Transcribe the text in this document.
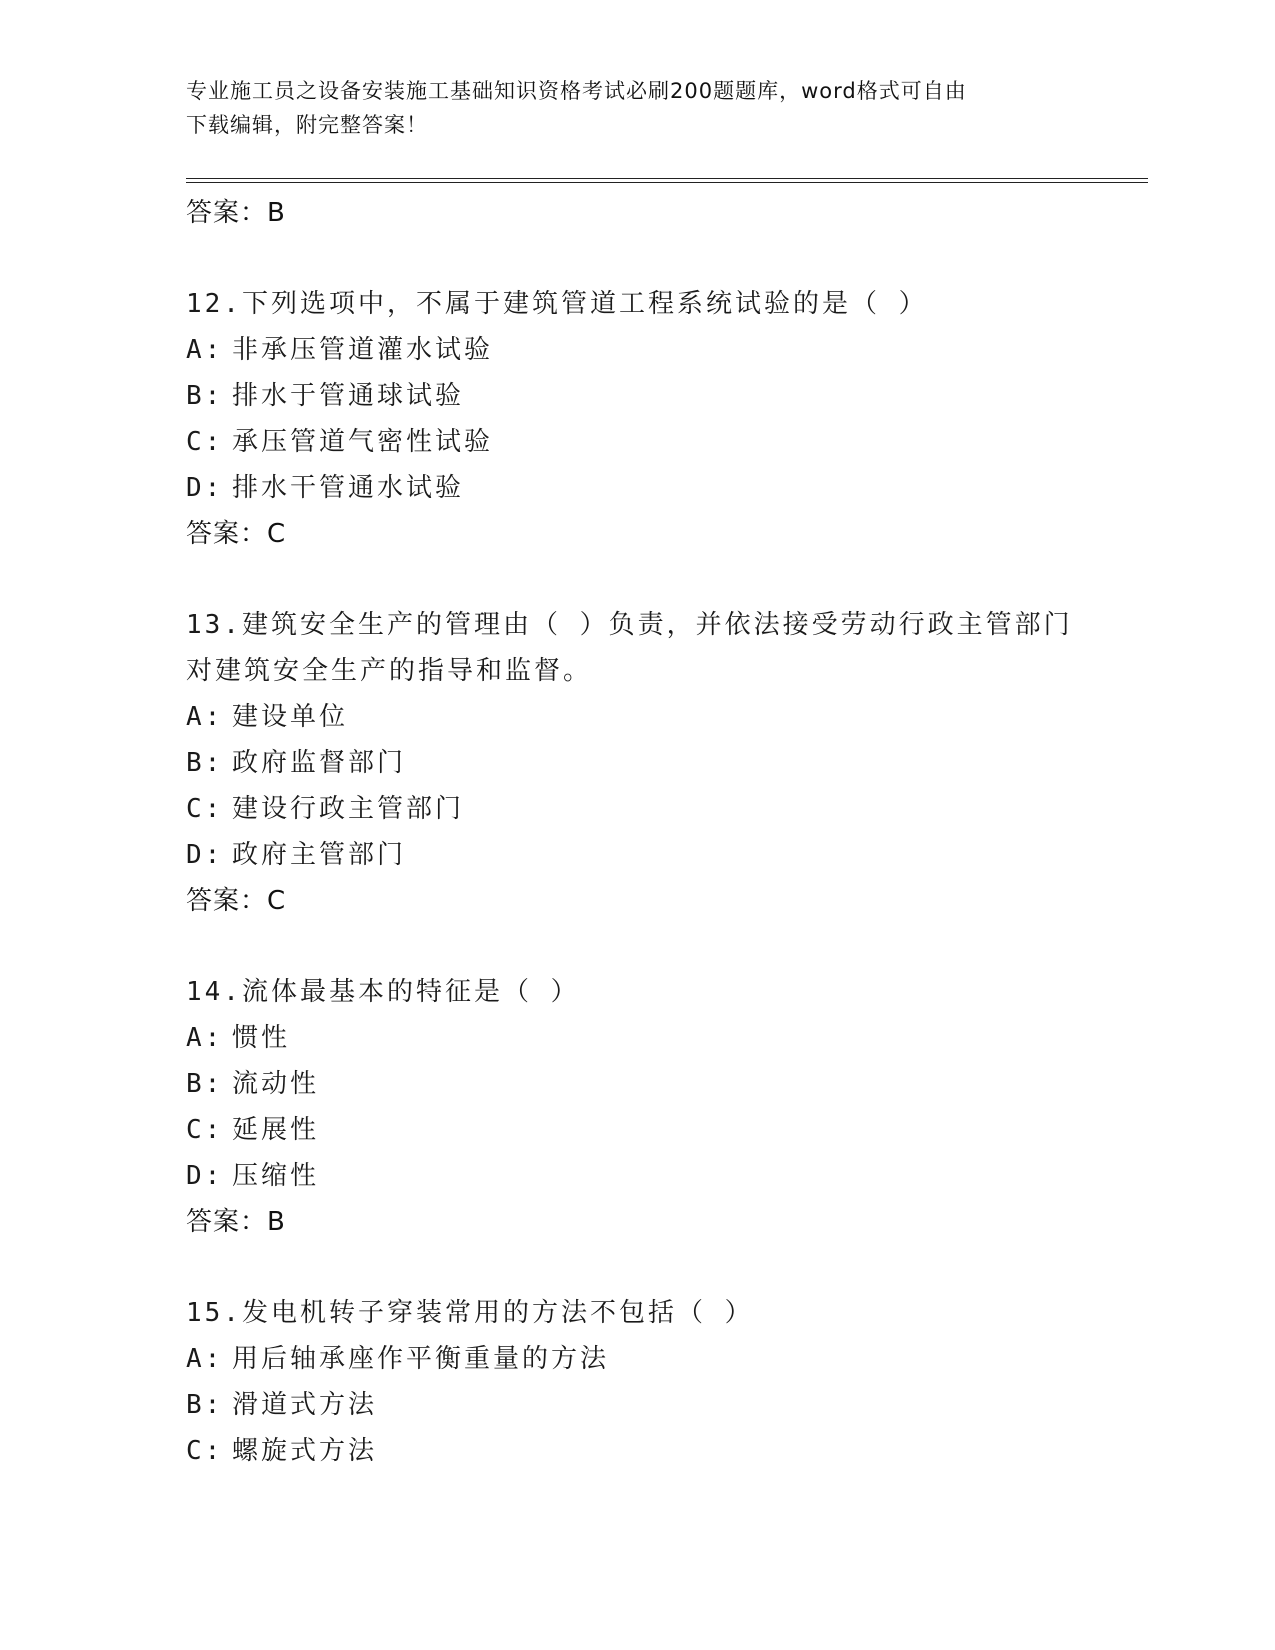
专业施工员之设备安装施工基础知识资格考试必刷200题题库，word格式可自由
下载编辑，附完整答案！
答案：B
12.下列选项中，不属于建筑管道工程系统试验的是（ ）
A: 非承压管道灌水试验
B: 排水于管通球试验
C: 承压管道气密性试验
D: 排水干管通水试验
答案：C
13.建筑安全生产的管理由（ ）负责，并依法接受劳动行政主管部门
对建筑安全生产的指导和监督。
A: 建设单位
B: 政府监督部门
C: 建设行政主管部门
D: 政府主管部门
答案：C
14.流体最基本的特征是（ ）
A: 惯性
B: 流动性
C: 延展性
D: 压缩性
答案：B
15.发电机转子穿装常用的方法不包括（ ）
A: 用后轴承座作平衡重量的方法
B: 滑道式方法
C: 螺旋式方法
